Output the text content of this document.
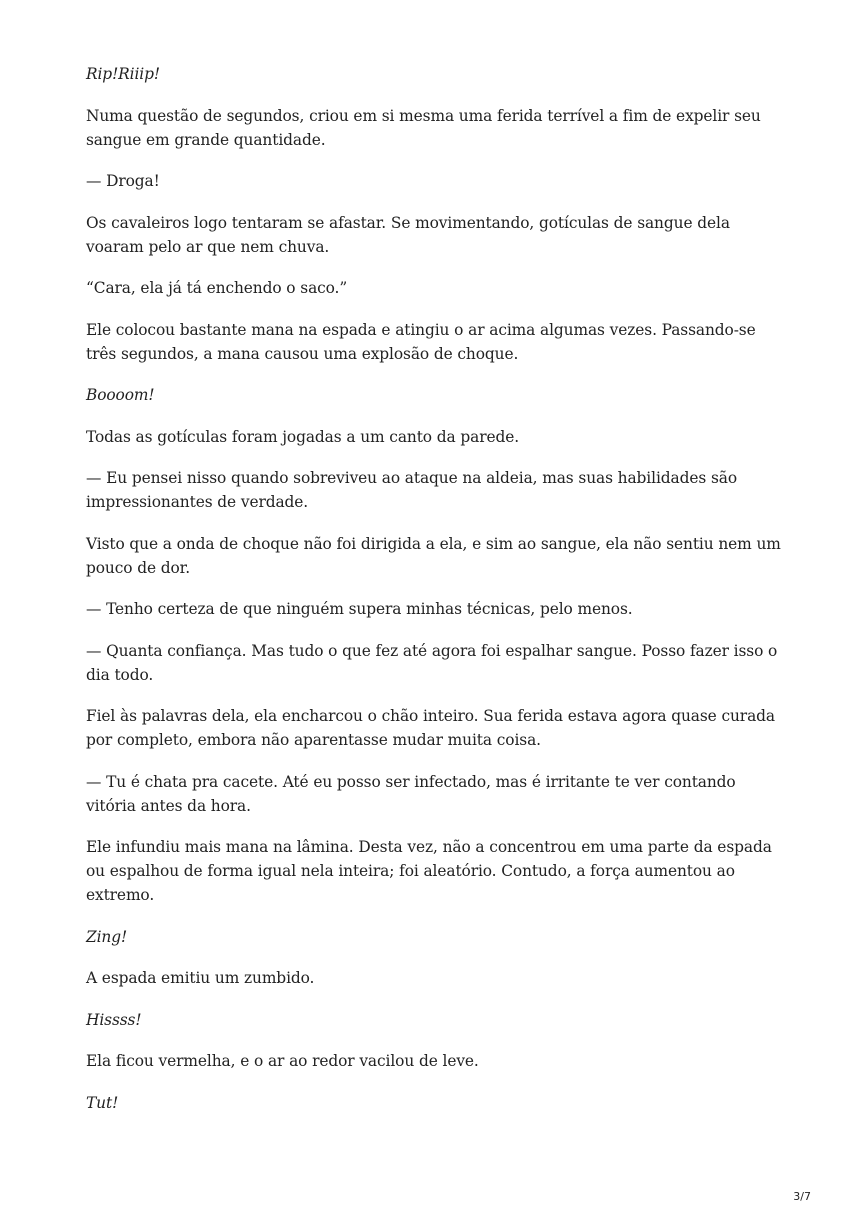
Rip!Riiip!

Numa questão de segundos, criou em si mesma uma ferida terrível a fim de expelir seu sangue em grande quantidade.

— Droga!

Os cavaleiros logo tentaram se afastar. Se movimentando, gotículas de sangue dela voaram pelo ar que nem chuva.

“Cara, ela já tá enchendo o saco.”

Ele colocou bastante mana na espada e atingiu o ar acima algumas vezes. Passando-se três segundos, a mana causou uma explosão de choque.

Boooom!

Todas as gotículas foram jogadas a um canto da parede.

— Eu pensei nisso quando sobreviveu ao ataque na aldeia, mas suas habilidades são impressionantes de verdade.

Visto que a onda de choque não foi dirigida a ela, e sim ao sangue, ela não sentiu nem um pouco de dor.

— Tenho certeza de que ninguém supera minhas técnicas, pelo menos.

— Quanta confiança. Mas tudo o que fez até agora foi espalhar sangue. Posso fazer isso o dia todo.

Fiel às palavras dela, ela encharcou o chão inteiro. Sua ferida estava agora quase curada por completo, embora não aparentasse mudar muita coisa.

— Tu é chata pra cacete. Até eu posso ser infectado, mas é irritante te ver contando vitória antes da hora.

Ele infundiu mais mana na lâmina. Desta vez, não a concentrou em uma parte da espada ou espalhou de forma igual nela inteira; foi aleatório. Contudo, a força aumentou ao extremo.

Zing!

A espada emitiu um zumbido.

Hissss!

Ela ficou vermelha, e o ar ao redor vacilou de leve.

Tut!

3/7
